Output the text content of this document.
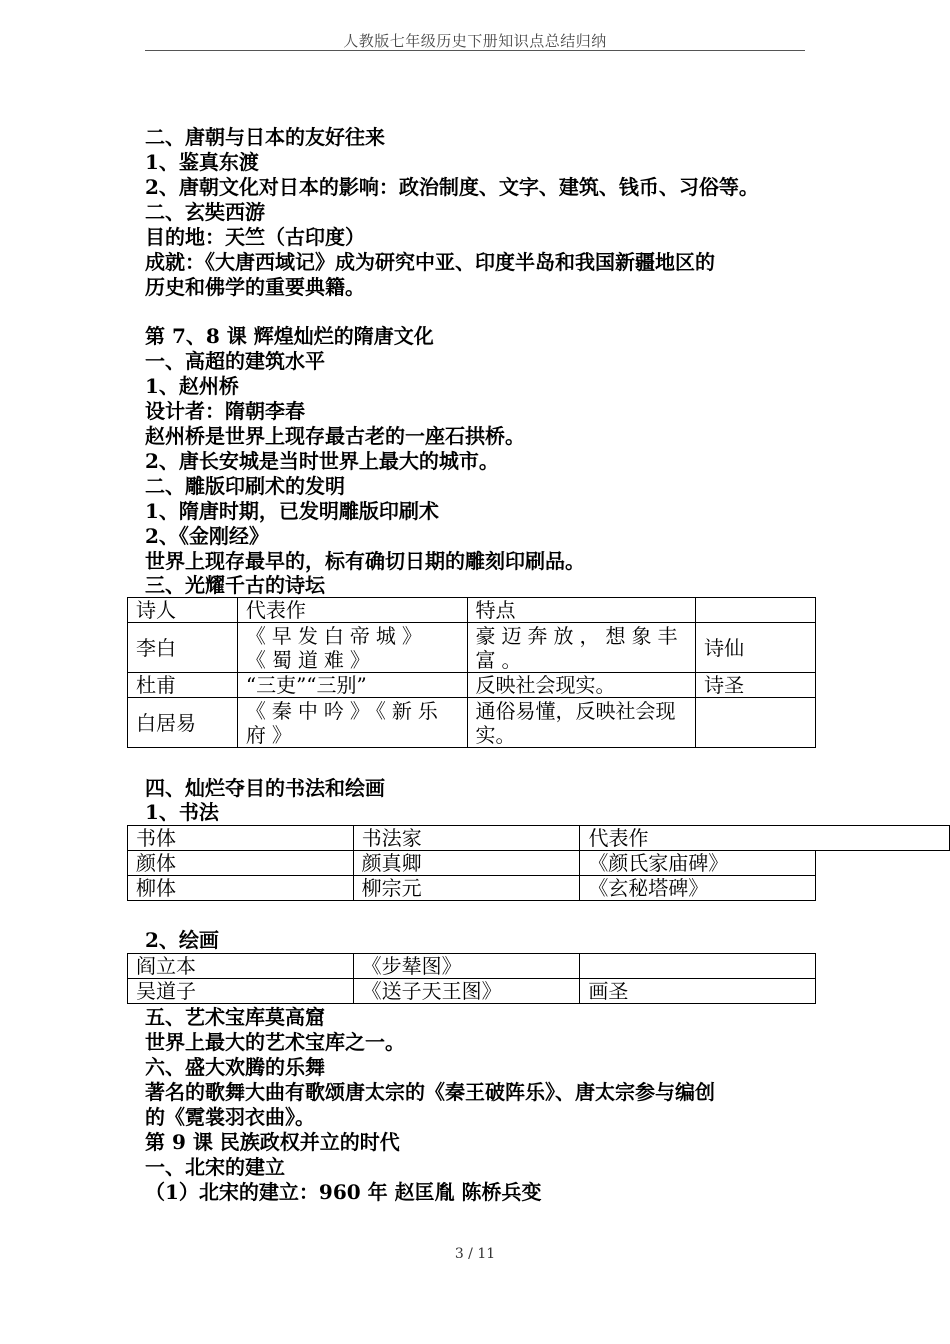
人教版七年级历史下册知识点总结归纳
二、唐朝与日本的友好往来
1、鉴真东渡
2、唐朝文化对日本的影响：政治制度、文字、建筑、钱币、习俗等。
二、玄奘西游
目的地：天竺（古印度）
成就：《大唐西域记》成为研究中亚、印度半岛和我国新疆地区的
历史和佛学的重要典籍。
第 7、8 课 辉煌灿烂的隋唐文化
一、高超的建筑水平
1、赵州桥
设计者：隋朝李春
赵州桥是世界上现存最古老的一座石拱桥。
2、唐长安城是当时世界上最大的城市。
二、雕版印刷术的发明
1、隋唐时期，已发明雕版印刷术
2、《金刚经》
世界上现存最早的，标有确切日期的雕刻印刷品。
三、光耀千古的诗坛
诗人	代表作	特点	
李白	《早发白帝城》《蜀道难》	豪迈奔放，想象丰富。	诗仙
杜甫	“三吏”“三别”	反映社会现实。	诗圣
白居易	《秦中吟》《新乐府》	通俗易懂，反映社会现实。	
四、灿烂夺目的书法和绘画
1、书法
书体	书法家	代表作
颜体	颜真卿	《颜氏家庙碑》
柳体	柳宗元	《玄秘塔碑》
2、绘画
阎立本	《步辇图》	
吴道子	《送子天王图》	画圣
五、艺术宝库莫高窟
世界上最大的艺术宝库之一。
六、盛大欢腾的乐舞
著名的歌舞大曲有歌颂唐太宗的《秦王破阵乐》、唐太宗参与编创
的《霓裳羽衣曲》。
第 9 课 民族政权并立的时代
一、北宋的建立
（1）北宋的建立：960 年 赵匡胤 陈桥兵变
3 / 11
